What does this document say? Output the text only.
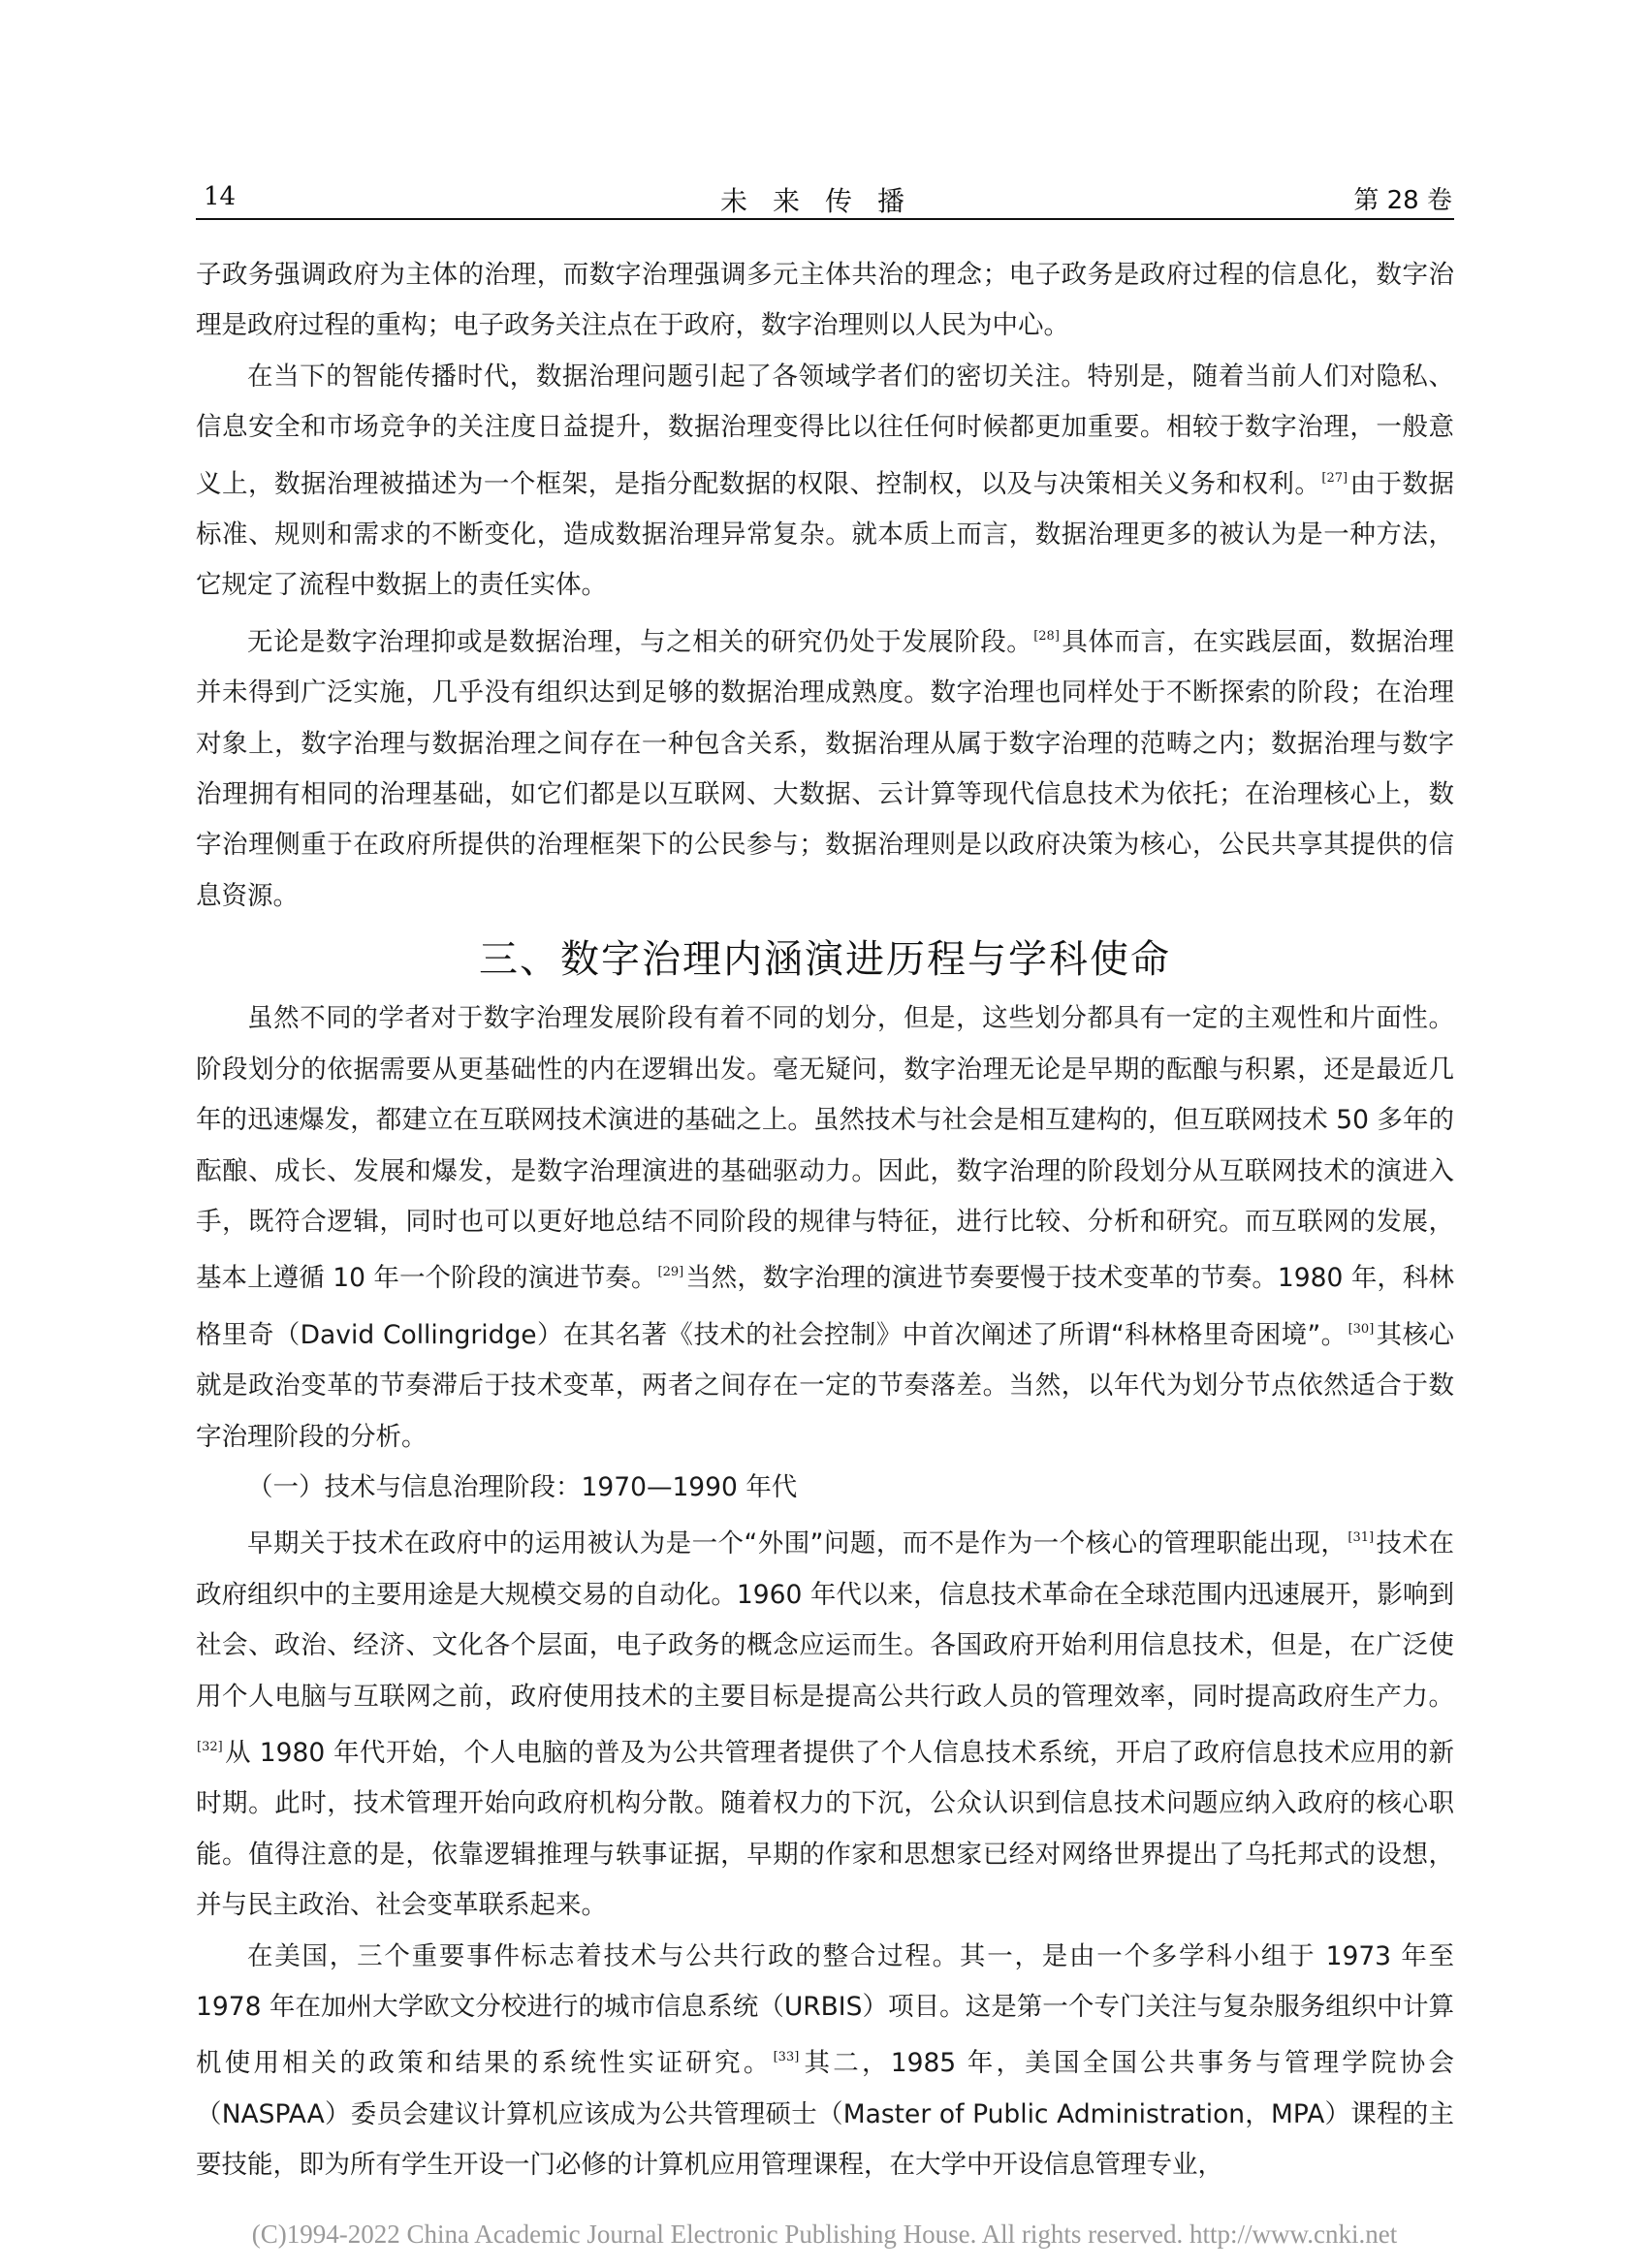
14	未来传播	第 28 卷

子政务强调政府为主体的治理，而数字治理强调多元主体共治的理念；电子政务是政府过程的信息化，数字治理是政府过程的重构；电子政务关注点在于政府，数字治理则以人民为中心。

在当下的智能传播时代，数据治理问题引起了各领域学者们的密切关注。特别是，随着当前人们对隐私、信息安全和市场竞争的关注度日益提升，数据治理变得比以往任何时候都更加重要。相较于数字治理，一般意义上，数据治理被描述为一个框架，是指分配数据的权限、控制权，以及与决策相关义务和权利。[27]由于数据标准、规则和需求的不断变化，造成数据治理异常复杂。就本质上而言，数据治理更多的被认为是一种方法，它规定了流程中数据上的责任实体。

无论是数字治理抑或是数据治理，与之相关的研究仍处于发展阶段。[28]具体而言，在实践层面，数据治理并未得到广泛实施，几乎没有组织达到足够的数据治理成熟度。数字治理也同样处于不断探索的阶段；在治理对象上，数字治理与数据治理之间存在一种包含关系，数据治理从属于数字治理的范畴之内；数据治理与数字治理拥有相同的治理基础，如它们都是以互联网、大数据、云计算等现代信息技术为依托；在治理核心上，数字治理侧重于在政府所提供的治理框架下的公民参与；数据治理则是以政府决策为核心，公民共享其提供的信息资源。

三、数字治理内涵演进历程与学科使命

虽然不同的学者对于数字治理发展阶段有着不同的划分，但是，这些划分都具有一定的主观性和片面性。阶段划分的依据需要从更基础性的内在逻辑出发。毫无疑问，数字治理无论是早期的酝酿与积累，还是最近几年的迅速爆发，都建立在互联网技术演进的基础之上。虽然技术与社会是相互建构的，但互联网技术 50 多年的酝酿、成长、发展和爆发，是数字治理演进的基础驱动力。因此，数字治理的阶段划分从互联网技术的演进入手，既符合逻辑，同时也可以更好地总结不同阶段的规律与特征，进行比较、分析和研究。而互联网的发展，基本上遵循 10 年一个阶段的演进节奏。[29]当然，数字治理的演进节奏要慢于技术变革的节奏。1980 年，科林格里奇（David Collingridge）在其名著《技术的社会控制》中首次阐述了所谓“科林格里奇困境”。[30]其核心就是政治变革的节奏滞后于技术变革，两者之间存在一定的节奏落差。当然，以年代为划分节点依然适合于数字治理阶段的分析。

（一）技术与信息治理阶段：1970—1990 年代

早期关于技术在政府中的运用被认为是一个“外围”问题，而不是作为一个核心的管理职能出现，[31]技术在政府组织中的主要用途是大规模交易的自动化。1960 年代以来，信息技术革命在全球范围内迅速展开，影响到社会、政治、经济、文化各个层面，电子政务的概念应运而生。各国政府开始利用信息技术，但是，在广泛使用个人电脑与互联网之前，政府使用技术的主要目标是提高公共行政人员的管理效率，同时提高政府生产力。[32]从 1980 年代开始，个人电脑的普及为公共管理者提供了个人信息技术系统，开启了政府信息技术应用的新时期。此时，技术管理开始向政府机构分散。随着权力的下沉，公众认识到信息技术问题应纳入政府的核心职能。值得注意的是，依靠逻辑推理与轶事证据，早期的作家和思想家已经对网络世界提出了乌托邦式的设想，并与民主政治、社会变革联系起来。

在美国，三个重要事件标志着技术与公共行政的整合过程。其一，是由一个多学科小组于 1973 年至 1978 年在加州大学欧文分校进行的城市信息系统（URBIS）项目。这是第一个专门关注与复杂服务组织中计算机使用相关的政策和结果的系统性实证研究。[33]其二，1985 年，美国全国公共事务与管理学院协会（NASPAA）委员会建议计算机应该成为公共管理硕士（Master of Public Administration，MPA）课程的主要技能，即为所有学生开设一门必修的计算机应用管理课程，在大学中开设信息管理专业，

(C)1994-2022 China Academic Journal Electronic Publishing House. All rights reserved. http://www.cnki.net
